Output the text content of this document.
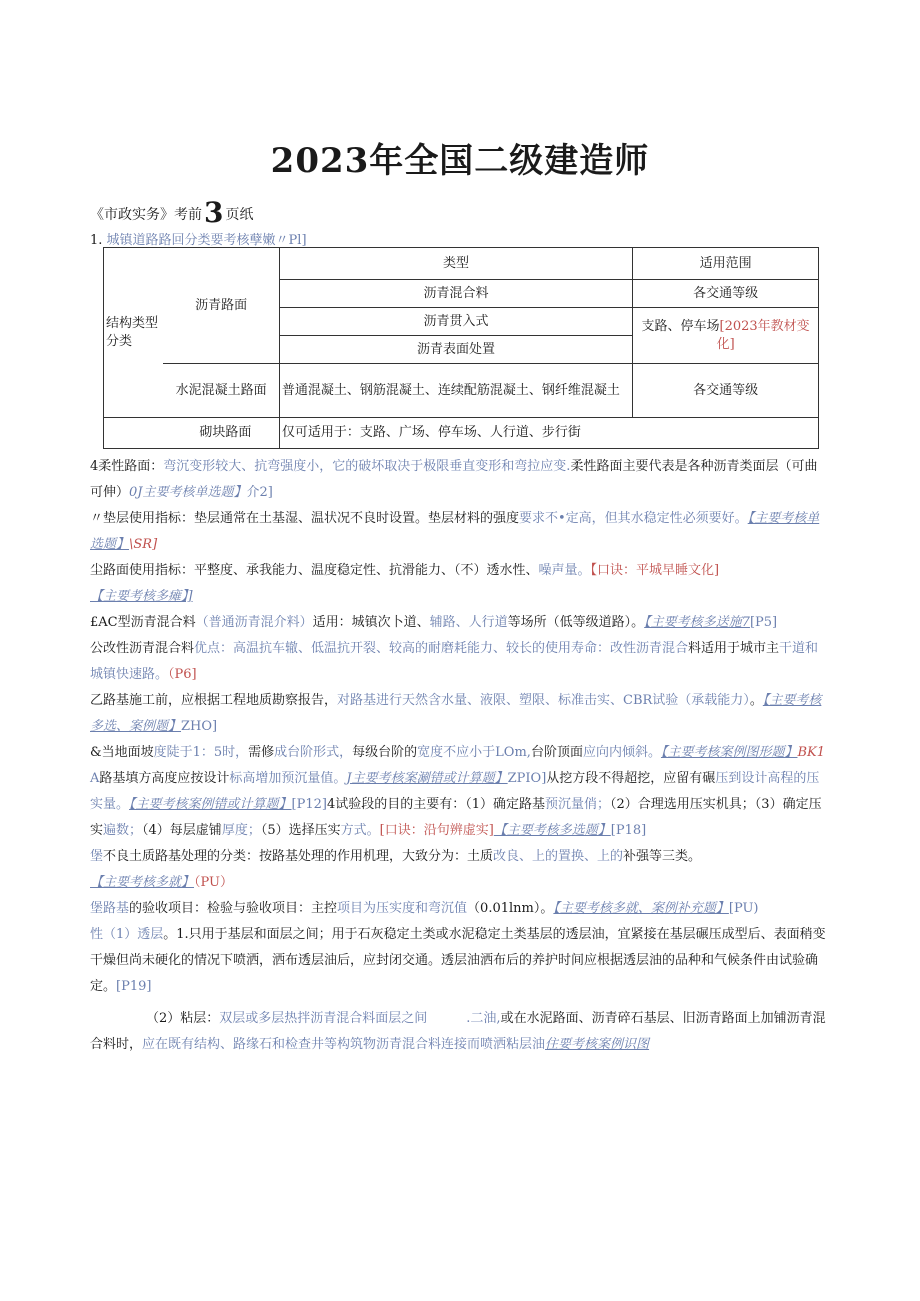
2023年全国二级建造师
《市政实务》考前3 页纸
1. 城镇道路路回分类要考核孽嫩〃Pl]
结构类型分类	沥青路面	类型	适用范围
		沥青混合料	各交通等级
		沥青贯入式	支路、停车场[2023年教材变化]
		沥青表面处置	
	水泥混凝土路面	普通混凝土、钢筋混凝土、连续配筋混凝土、钢纤维混凝土	各交通等级
砌块路面		仅可适用于：支路、广场、停车场、人行道、步行街	

4柔性路面：弯沉变形较大、抗弯强度小，它的破坏取决于极限垂直变形和弯拉应变.柔性路面主要代表是各种沥青类面层（可曲可伸）0J主要考核单选题】介2]

〃垫层使用指标：垫层通常在土基湿、温状况不良时设置。垫层材料的强度要求不•定高，但其水稳定性必须要好。【主要考核单选题】\SR]

尘路面使用指标：平整度、承我能力、温度稳定性、抗滑能力、（不）透水性、噪声量。【口诀：平城早睡文化]
【主要考核多瘫】]

£AC型沥青混合料（普通沥青混介料）适用：城镇次卜道、辅路、人行道等场所（低等级道路）。【主要考核多送施7[P5]

公改性沥青混合料优点：高温抗车辙、低温抗开裂、较高的耐磨耗能力、较长的使用寿命：改性沥青混合料适用于城市主干道和城镇快速路。（P6]

乙路基施工前，应根据工程地质勘察报告，对路基进行天然含水量、液限、塑限、标准击实、CBR试验（承载能力）。【主要考核多选、案例题】ZHO]

&当地面坡度陡于1：5时，需修成台阶形式，每级台阶的宽度不应小于LOm,台阶顶面应向内倾斜。【主要考核案例图形题】BK1

A路基填方高度应按设计标高增加预沉量值。J主要考核案涮错或计算题】ZPIO]从挖方段不得超挖，应留有碾压到设计高程的压实量。【主要考核案例错或计算题】[P12]4试验段的目的主要有：（1）确定路基预沉量俏；（2）合理选用压实机具；（3）确定压实遍数；（4）每层虚铺厚度；（5）选择压实方式。[口诀：沿句辨虚实]【主要考核多选题】[P18]

堡不良土质路基处理的分类：按路基处理的作用机理，大致分为：土质改良、上的置换、上的补强等三类。
【主要考核多就】（PU）

堡路基的验收项目：检验与验收项目：主控项目为压实度和弯沉值（0.01lnm）。【主要考核多就、案例补充题】[PU)

性（1）透层。1.只用于基层和面层之间；用于石灰稳定土类或水泥稳定土类基层的透层油，宜紧接在基层碾压成型后、表面稍变干燥但尚未硬化的情况下喷洒，洒布透层油后，应封闭交通。透层油洒布后的养护时间应根据透层油的品种和气候条件由试验确定。[P19]

（2）粘层：双层或多层热拌沥青混合料面层之间　　　.二油,或在水泥路面、沥青碎石基层、旧沥青路面上加铺沥青混合料时，应在既有结构、路缘石和检查井等构筑物沥青混合料连接而喷洒粘层油住要考核案例识图
